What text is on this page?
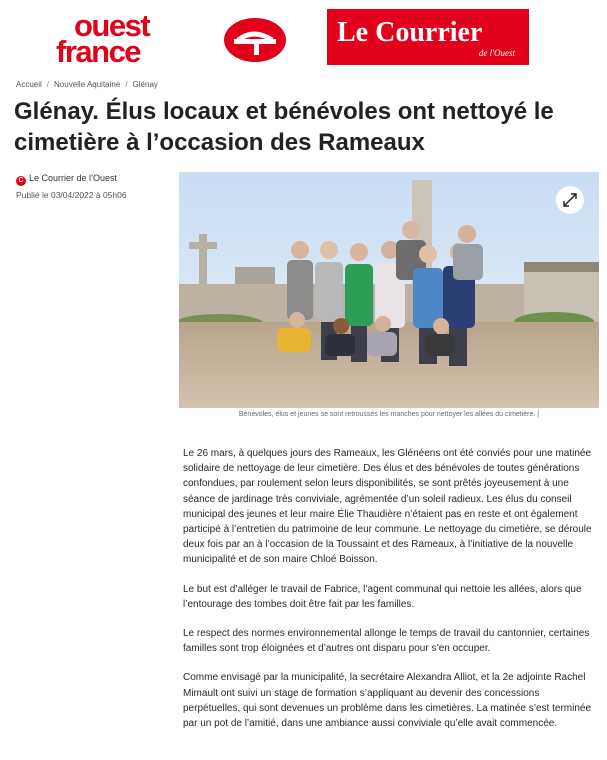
ouest
france
Le Courrier
de l'Ouest
Accueil / Nouvelle Aquitaine / Glénay
Glénay. Élus locaux et bénévoles ont nettoyé le cimetière à l’occasion des Rameaux
C Le Courrier de l’Ouest
Publié le 03/04/2022 à 05h06
Bénévoles, élus et jeunes se sont retroussés les manches pour nettoyer les allées du cimetière. |

Le 26 mars, à quelques jours des Rameaux, les Glénéens ont été conviés pour une matinée solidaire de nettoyage de leur cimetière. Des élus et des bénévoles de toutes générations confondues, par roulement selon leurs disponibilités, se sont prêtés joyeusement à une séance de jardinage très conviviale, agrémentée d’un soleil radieux. Les élus du conseil municipal des jeunes et leur maire Élie Thaudière n’étaient pas en reste et ont également participé à l’entretien du patrimoine de leur commune. Le nettoyage du cimetière, se déroule deux fois par an à l’occasion de la Toussaint et des Rameaux, à l’initiative de la nouvelle municipalité et de son maire Chloé Boisson.

Le but est d’alléger le travail de Fabrice, l’agent communal qui nettoie les allées, alors que l’entourage des tombes doit être fait par les familles.

Le respect des normes environnemental allonge le temps de travail du cantonnier, certaines familles sont trop éloignées et d’autres ont disparu pour s’en occuper.

Comme envisagé par la municipalité, la secrétaire Alexandra Alliot, et la 2e adjointe Rachel Mimault ont suivi un stage de formation s’appliquant au devenir des concessions perpétuelles, qui sont devenues un problème dans les cimetières. La matinée s’est terminée par un pot de l’amitié, dans une ambiance aussi conviviale qu’elle avait commencée.
